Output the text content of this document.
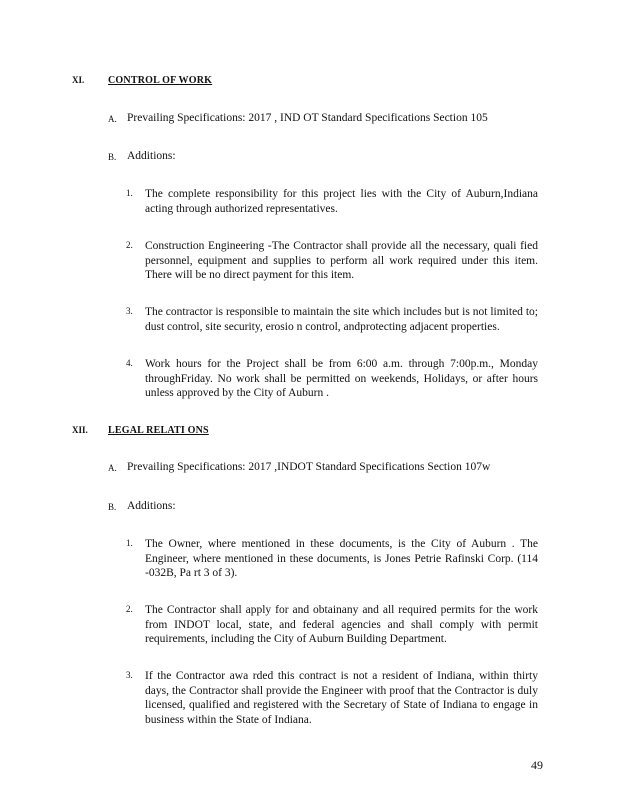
XI. CONTROL OF WORK
A. Prevailing Specifications: 2017 , IND OT Standard Specifications Section 105
B. Additions:
1. The complete responsibility for this project lies with the City of Auburn,Indiana acting through authorized representatives.
2. Construction Engineering -The Contractor shall provide all the necessary, quali fied personnel, equipment and supplies to perform all work required under this item. There will be no direct payment for this item.
3. The contractor is responsible to maintain the site which includes but is not limited to; dust control, site security, erosio n control, andprotecting adjacent properties.
4. Work hours for the Project shall be from 6:00 a.m. through 7:00p.m., Monday throughFriday. No work shall be permitted on weekends, Holidays, or after hours unless approved by the City of Auburn .
XII. LEGAL RELATI ONS
A. Prevailing Specifications: 2017 ,INDOT Standard Specifications Section 107w
B. Additions:
1. The Owner, where mentioned in these documents, is the City of Auburn . The Engineer, where mentioned in these documents, is Jones Petrie Rafinski Corp. (114 -032B, Pa rt 3 of 3).
2. The Contractor shall apply for and obtainany and all required permits for the work from INDOT local, state, and federal agencies and shall comply with permit requirements, including the City of Auburn Building Department.
3. If the Contractor awa rded this contract is not a resident of Indiana, within thirty days, the Contractor shall provide the Engineer with proof that the Contractor is duly licensed, qualified and registered with the Secretary of State of Indiana to engage in business within the State of Indiana.
49
